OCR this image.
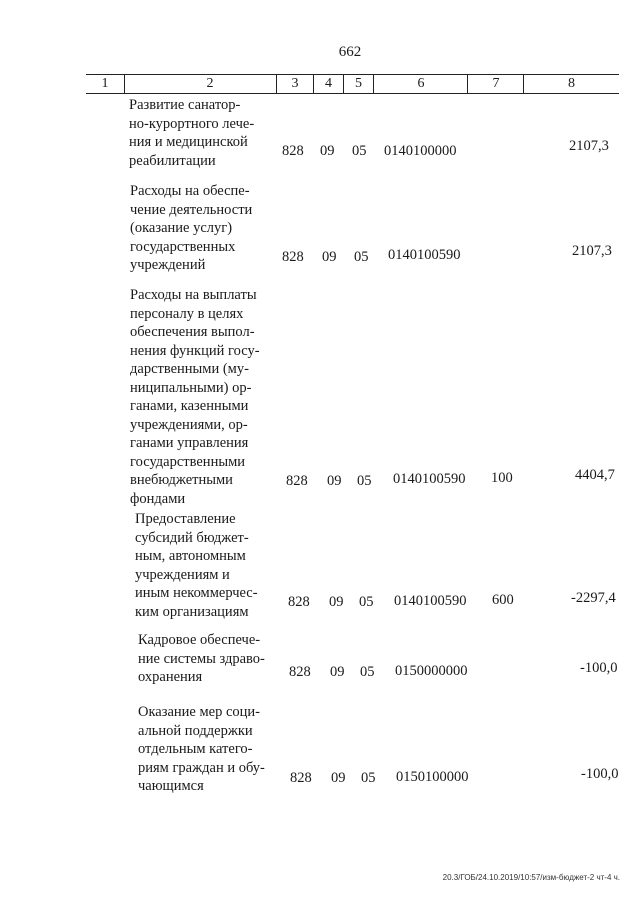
662
1	2	3	4	5	6	7	8
Развитие санатор-
но-курортного лече-
ния и медицинской
реабилитации
828 09 05 0140100000	2107,3
Расходы на обеспе-
чение деятельности
(оказание услуг)
государственных
учреждений	828 09 05 0140100590	2107,3
Расходы на выплаты
персоналу в целях
обеспечения выпол-
нения функций госу-
дарственными (му-
ниципальными) ор-
ганами, казенными
учреждениями, ор-
ганами управления
государственными
внебюджетными
фондами
828 09 05 0140100590 100	4404,7
Предоставление
субсидий бюджет-
ным, автономным
учреждениям и
иным некоммерчес-
ким организациям
828 09 05 0140100590 600	-2297,4
Кадровое обеспече-
ние системы здраво-
охранения	828 09 05 0150000000	-100,0
Оказание мер соци-
альной поддержки
отдельным катего-
риям граждан и обу-
чающимся	828 09 05 0150100000	-100,0
20.3/ГОБ/24.10.2019/10:57/изм-бюджет-2 чт-4 ч.
